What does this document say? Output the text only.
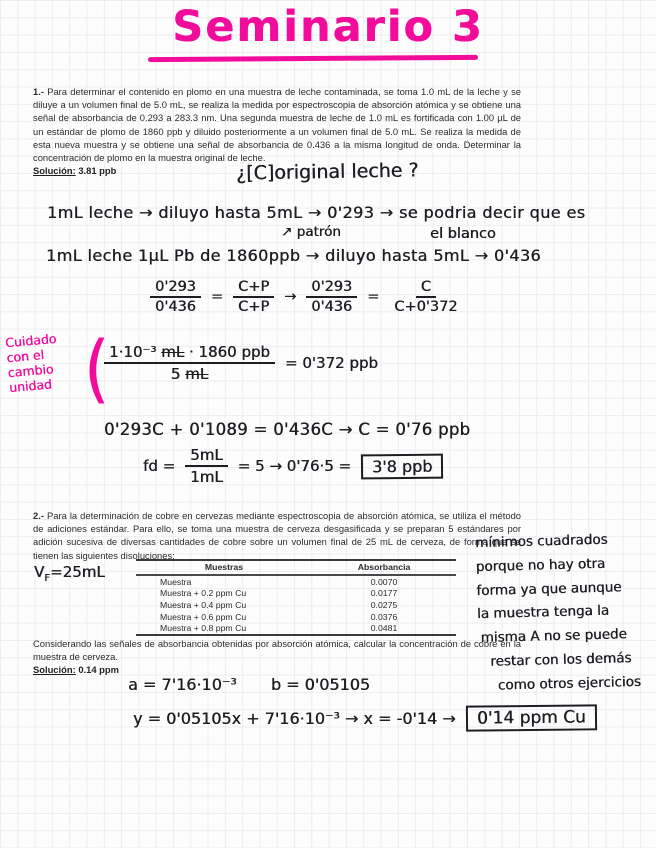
Seminario 3

1.- Para determinar el contenido en plomo en una muestra de leche contaminada, se toma 1.0 mL de la leche y se diluye a un volumen final de 5.0 mL, se realiza la medida por espectroscopia de absorción atómica y se obtiene una señal de absorbancia de 0.293 a 283.3 nm. Una segunda muestra de leche de 1.0 mL es fortificada con 1.00 µL de un estándar de plomo de 1860 ppb y diluido posteriormente a un volumen final de 5.0 mL. Se realiza la medida de esta nueva muestra y se obtiene una señal de absorbancia de 0.436 a la misma longitud de onda. Determinar la concentración de plomo en la muestra original de leche.

Solución: 3.81 ppb	¿[C]original leche ?
1mL leche → diluyo hasta 5mL → 0'293 → se podria decir que es
↗ patrón	el blanco
1mL leche 1µL Pb de 1860ppb → diluyo hasta 5mL → 0'436
$\frac{0'293}{0'436} = \frac{C+P}{C+P} \to \frac{0'293}{0'436} = \frac{C}{C+0'372}$
Cuidado
con el
cambio
unidad (
$\frac{\text{1·10⁻³ mL · 1860 ppb}}{5 mL} = 0'372$ ppb
0'293C + 0'1089 = 0'436C → C = 0'76 ppb
fd = $\frac{5mL}{1mL} = 5 \to 0'76\cdot 5$ =	3'8 ppb
2.- Para la determinación de cobre en cervezas mediante espectroscopia de absorción atómica, se utiliza el método de adiciones estándar. Para ello, se toma una muestra de cerveza desgasificada y se preparan 5 estándares por adición sucesiva de diversas cantidades de cobre sobre un volumen final de 25 mL de cerveza, de forma que se tienen las siguientes disoluciones:
$V_F=25mL$	Muestras	Absorbancia
Muestra	0.0070
Muestra + 0.2 ppm Cu	0.0177
Muestra + 0.4 ppm Cu	0.0275
Muestra + 0.6 ppm Cu	0.0376
Muestra + 0.8 ppm Cu	0.0481

Considerando las señales de absorbancia obtenidas por absorción atómica, calcular la concentración de cobre en la muestra de cerveza.

Solución: 0.14 ppm
mínimos cuadrados
porque no hay otra
forma ya que aunque
la muestra tenga la
misma A no se puede
restar con los demás
como otros ejercicios
a = 7'16·10⁻³ b = 0'05105
y = 0'05105x + 7'16·10⁻³ → x = -0'14 →	0'14 ppm Cu
